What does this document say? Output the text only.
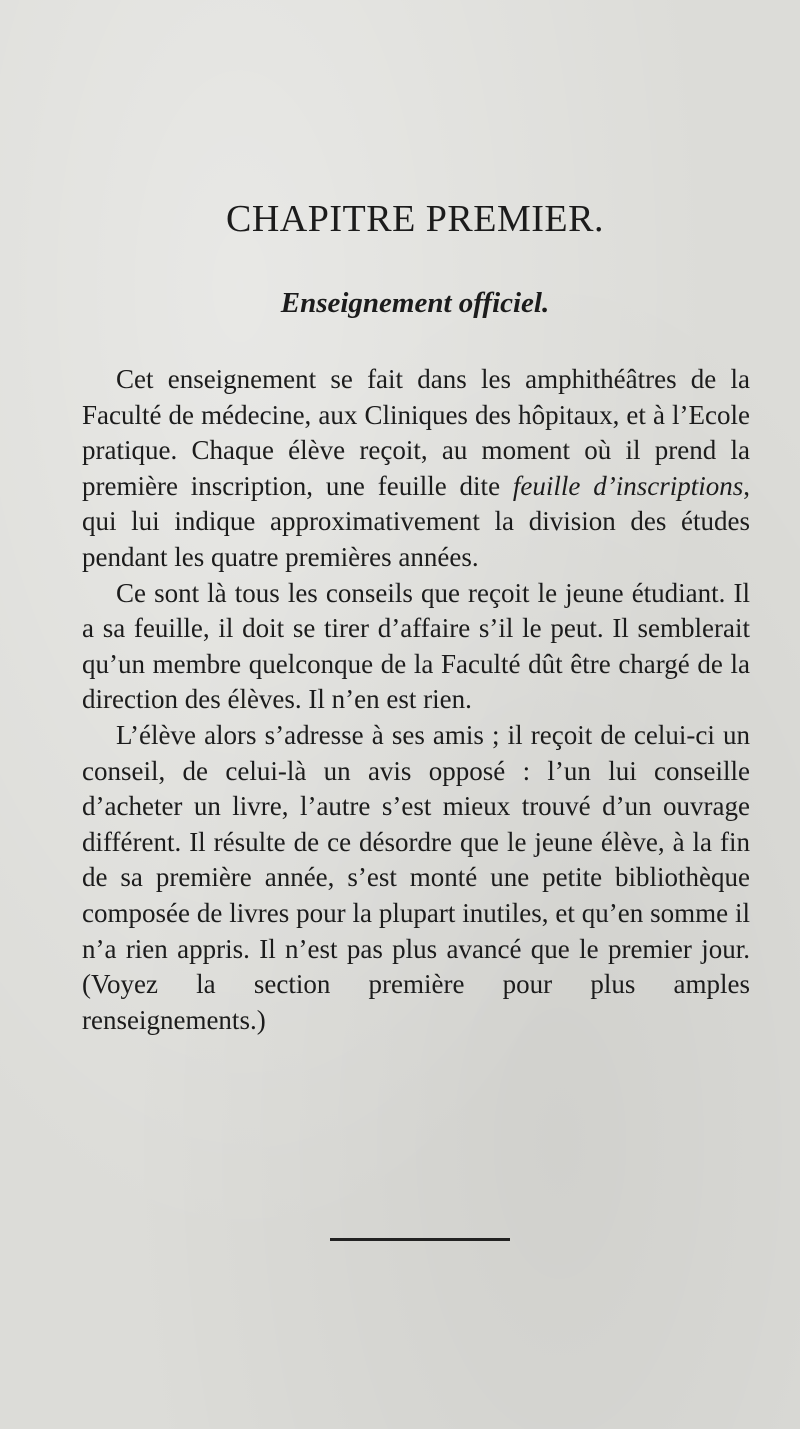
CHAPITRE PREMIER.
Enseignement officiel.

Cet enseignement se fait dans les amphithéâtres de la Faculté de médecine, aux Cliniques des hôpitaux, et à l’Ecole pratique. Chaque élève reçoit, au moment où il prend la première inscription, une feuille dite feuille d’inscriptions, qui lui indique approximativement la division des études pendant les quatre premières années.

Ce sont là tous les conseils que reçoit le jeune étudiant. Il a sa feuille, il doit se tirer d’affaire s’il le peut. Il semblerait qu’un membre quelconque de la Faculté dût être chargé de la direction des élèves. Il n’en est rien.

L’élève alors s’adresse à ses amis ; il reçoit de celui-ci un conseil, de celui-là un avis opposé : l’un lui conseille d’acheter un livre, l’autre s’est mieux trouvé d’un ouvrage différent. Il résulte de ce désordre que le jeune élève, à la fin de sa première année, s’est monté une petite bibliothèque composée de livres pour la plupart inutiles, et qu’en somme il n’a rien appris. Il n’est pas plus avancé que le premier jour. (Voyez la section première pour plus amples renseignements.)
